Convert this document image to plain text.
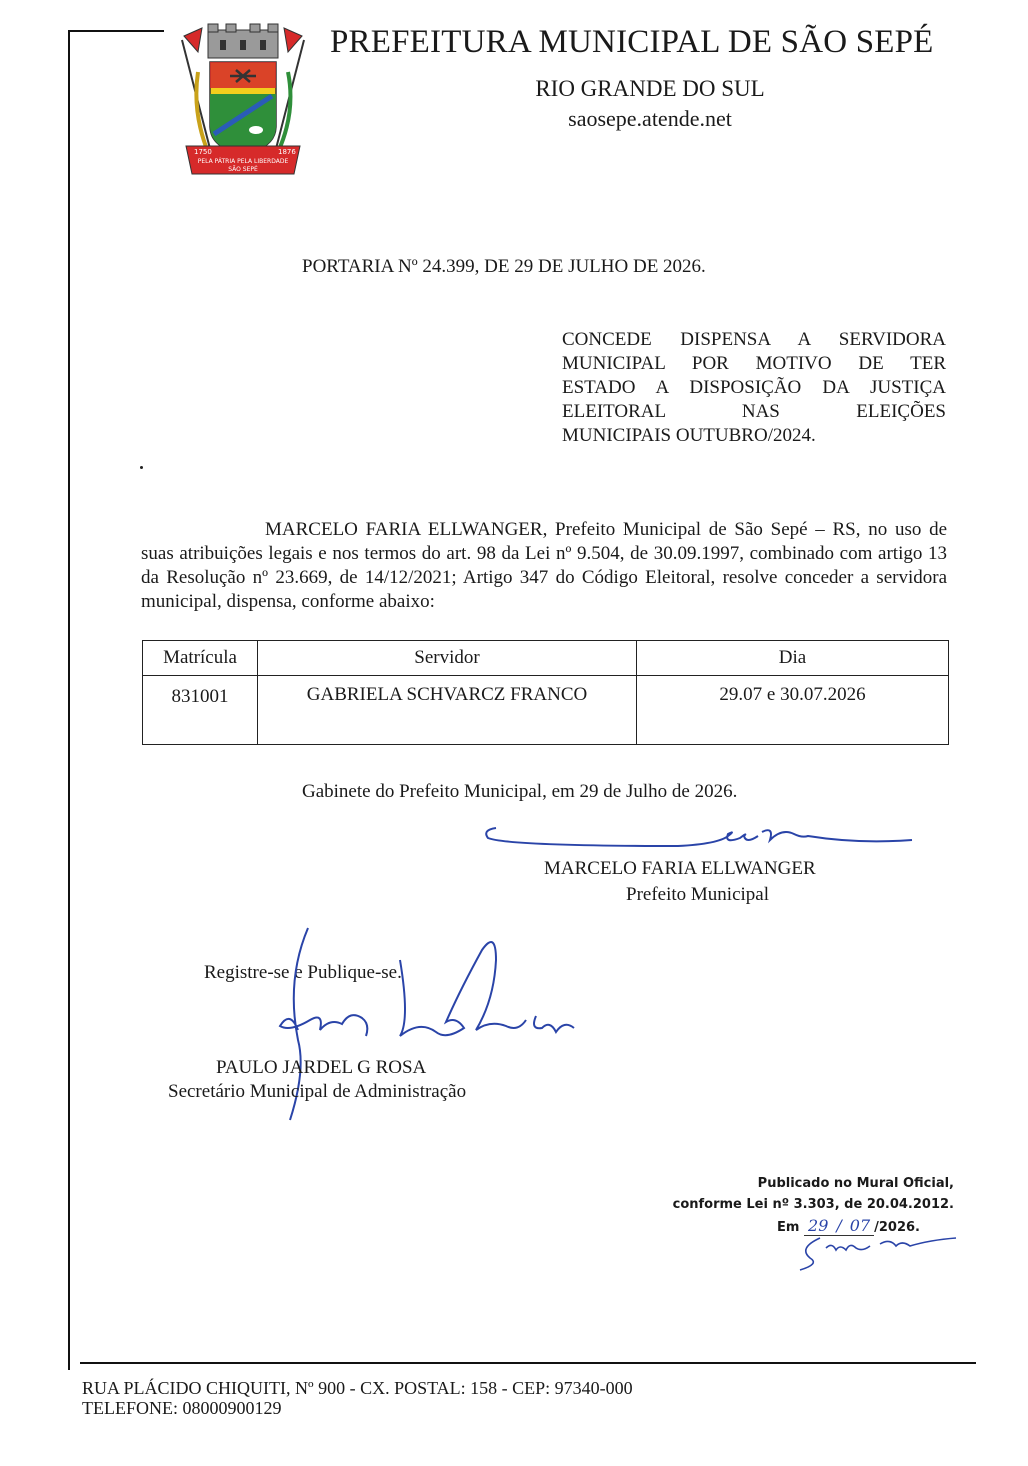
1750	1876
PELA PÁTRIA PELA LIBERDADE
SÃO SEPÉ
PREFEITURA MUNICIPAL DE SÃO SEPÉ
RIO GRANDE DO SUL
saosepe.atende.net
PORTARIA Nº 24.399, DE 29 DE JULHO DE 2026.
CONCEDE DISPENSA A SERVIDORA
MUNICIPAL POR MOTIVO DE TER
ESTADO A DISPOSIÇÃO DA JUSTIÇA
ELEITORAL NAS ELEIÇÕES
MUNICIPAIS OUTUBRO/2024.
MARCELO FARIA ELLWANGER, Prefeito Municipal de São Sepé – RS, no uso de suas atribuições legais e nos termos do art. 98 da Lei nº 9.504, de 30.09.1997, combinado com artigo 13 da Resolução nº 23.669, de 14/12/2021; Artigo 347 do Código Eleitoral, resolve conceder a servidora municipal, dispensa, conforme abaixo:
Matrícula	Servidor	Dia
831001	GABRIELA SCHVARCZ FRANCO	29.07 e 30.07.2026
Gabinete do Prefeito Municipal, em 29 de Julho de 2026.
MARCELO FARIA ELLWANGER
Prefeito Municipal
Registre-se e Publique-se.
PAULO JARDEL G ROSA
Secretário Municipal de Administração
Publicado no Mural Oficial,
conforme Lei nº 3.303, de 20.04.2012.
Em 29 / 07 /2026.
RUA PLÁCIDO CHIQUITI, Nº 900 - CX. POSTAL: 158 - CEP: 97340-000
TELEFONE: 08000900129
